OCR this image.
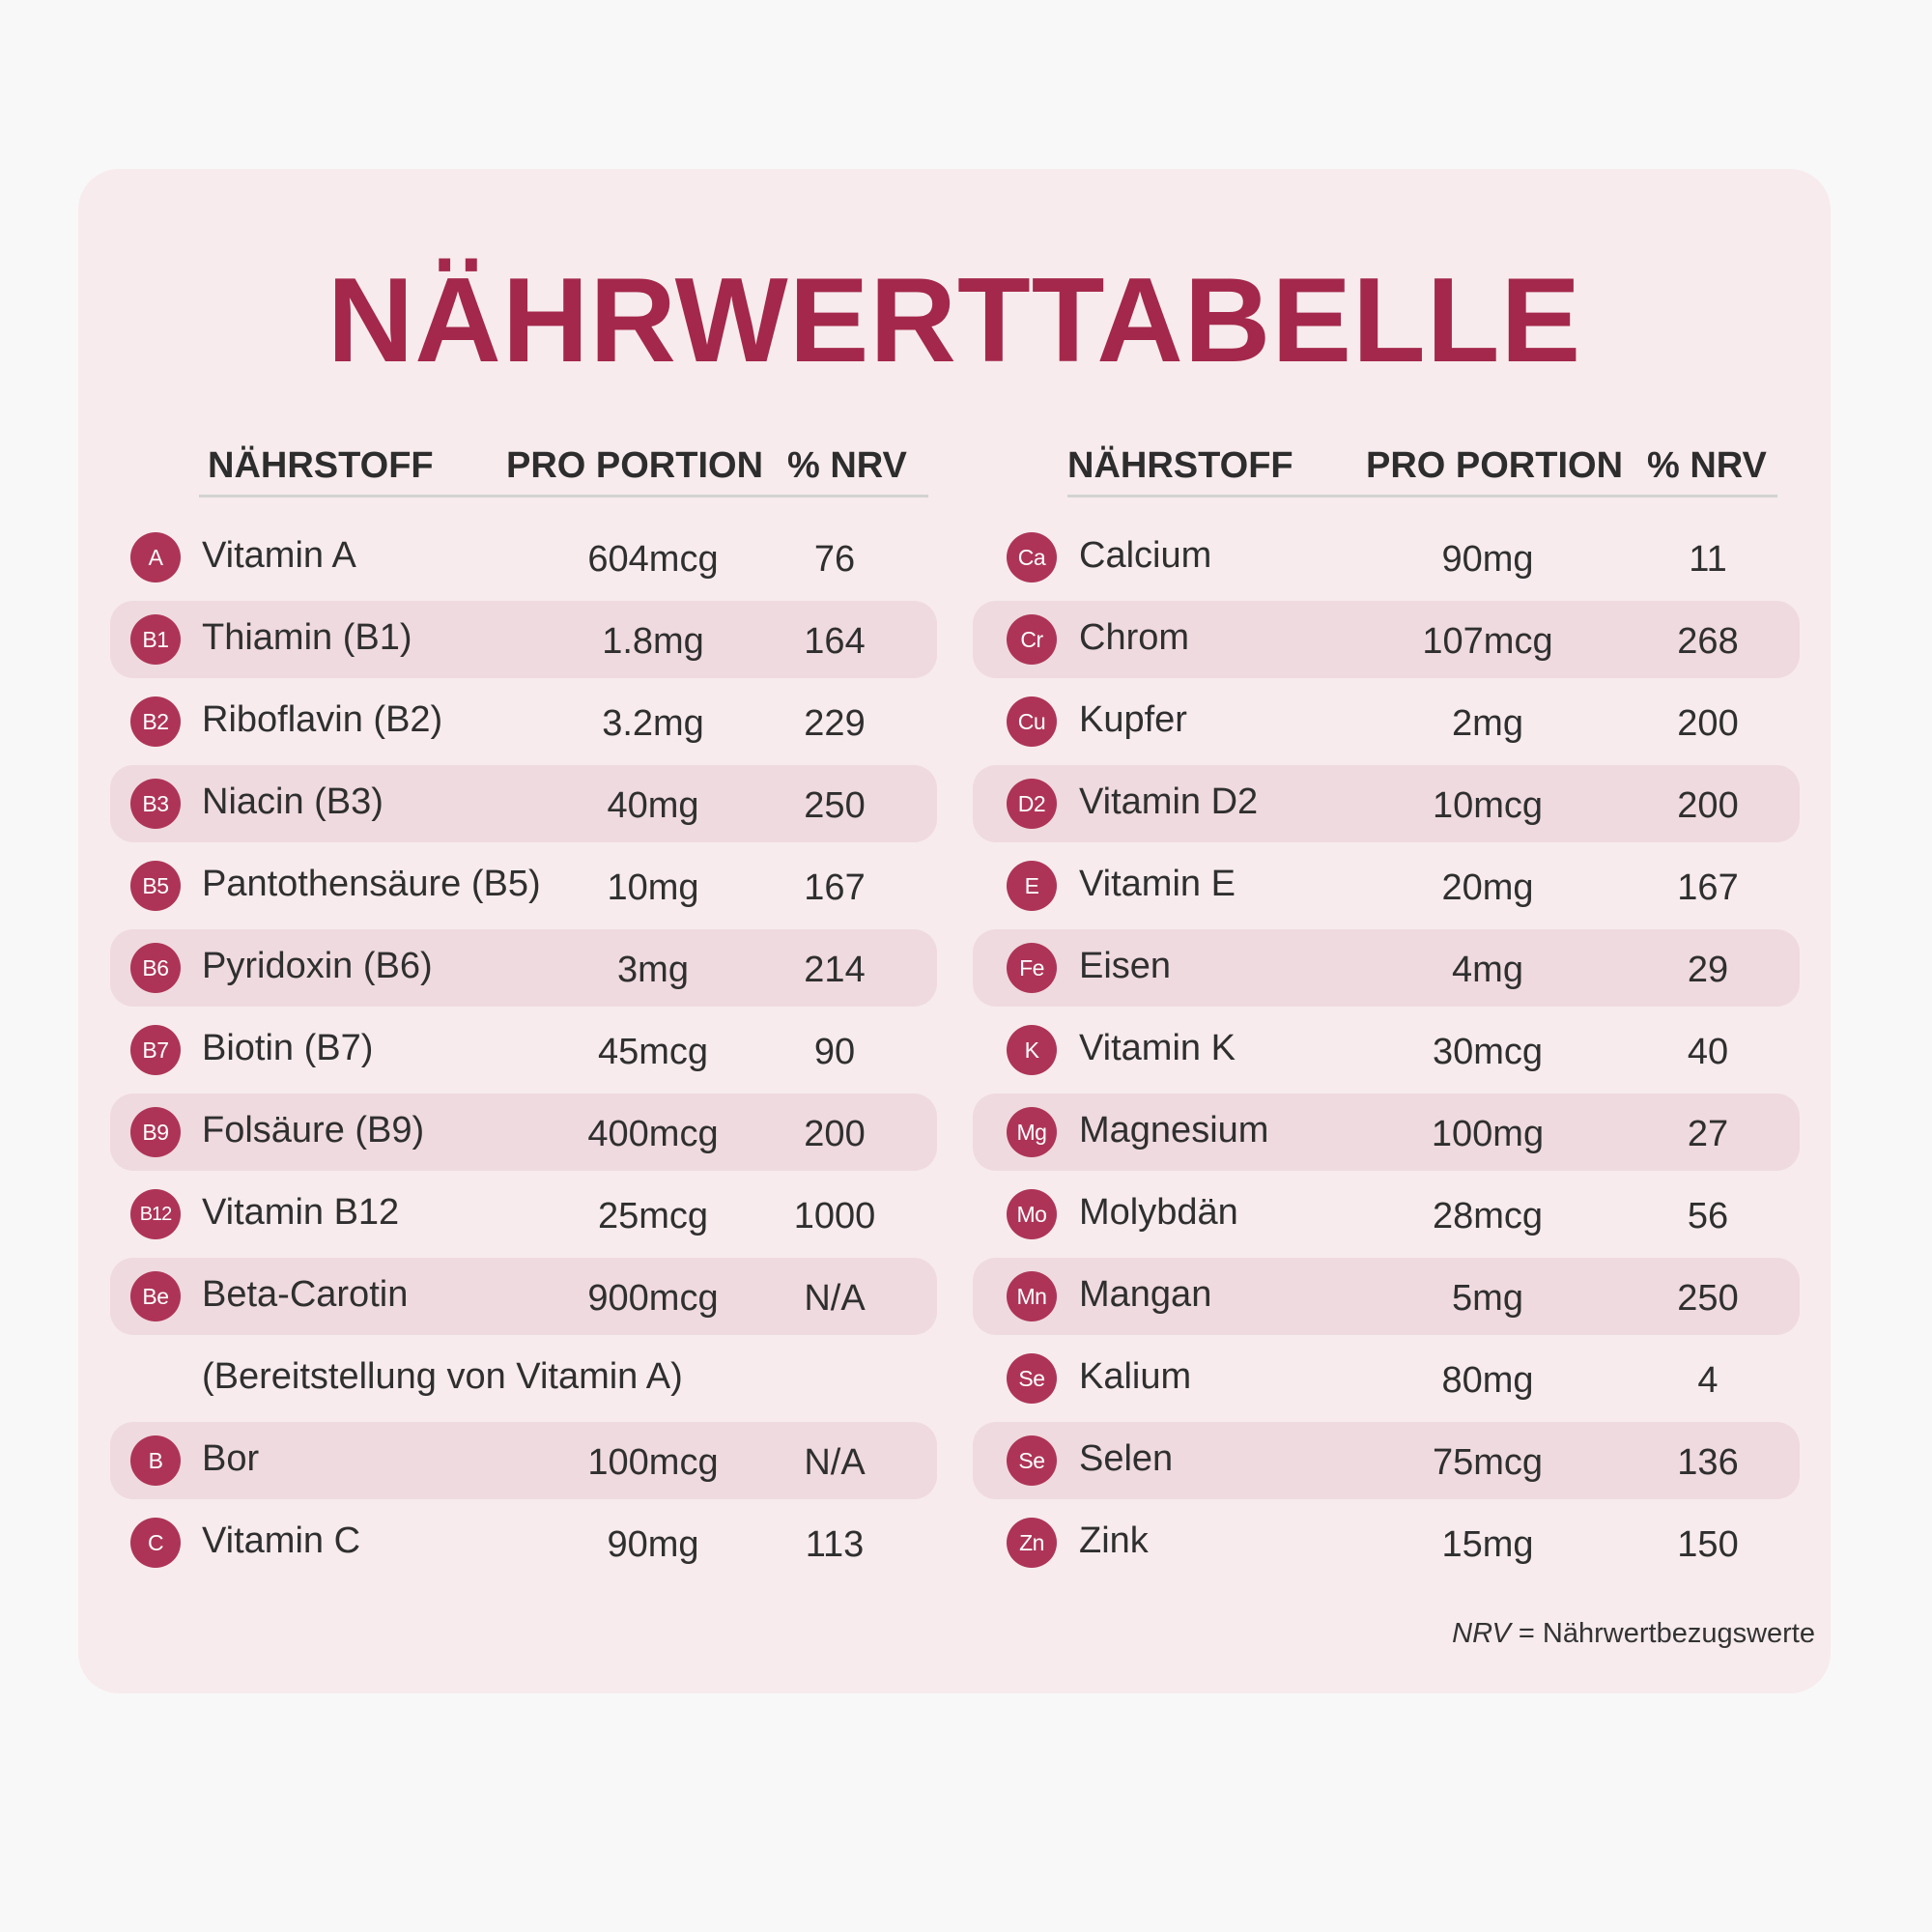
NÄHRWERTTABELLE
NÄHRSTOFF PRO PORTION % NRV	NÄHRSTOFF PRO PORTION % NRV
A	Vitamin A	604mcg	76
B1 Thiamin (B1)	1.8mg	164
B2 Riboflavin (B2)	3.2mg	229
B3 Niacin (B3)	40mg	250
B5 Pantothensäure (B5)	10mg	167
B6 Pyridoxin (B6)	3mg	214
B7 Biotin (B7)	45mcg	90
B9 Folsäure (B9)	400mcg	200
B12 Vitamin B12	25mcg	1000
Be Beta-Carotin	900mcg	N/A
(Bereitstellung von Vitamin A)
B	Bor	100mcg	N/A
C	Vitamin C	90mg	113
Ca Calcium	90mg	11
Cr Chrom	107mcg	268
Cu Kupfer	2mg	200
D2 Vitamin D2	10mcg	200
E	Vitamin E	20mg	167
Fe Eisen	4mg	29
K	Vitamin K	30mcg	40
Mg Magnesium	100mg	27
Mo Molybdän	28mcg	56
Mn Mangan	5mg	250
Se Kalium	80mg	4
Se Selen	75mcg	136
Zn Zink	15mg	150
NRV = Nährwertbezugswerte
